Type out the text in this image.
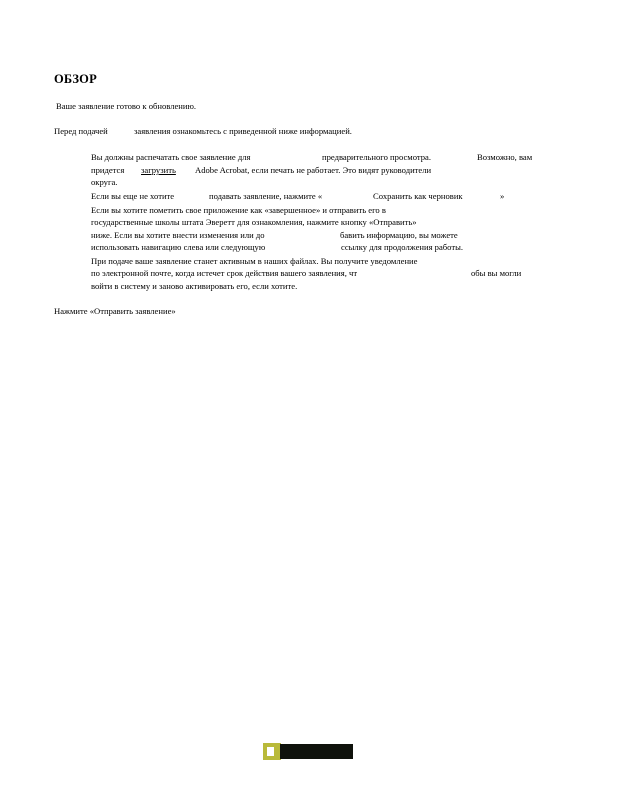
ОБЗОР
Ваше заявление готово к обновлению.
Перед подачей	заявления ознакомьтесь с приведенной ниже информацией.
Вы должны распечатать свое заявление для	предварительного просмотра.	Возможно, вам
придется загрузить Adobe Acrobat, если печать не работает. Это видят руководители
округа.
Если вы еще не хотите	подавать заявление, нажмите «	Сохранить как черновик	»
Если вы хотите пометить свое приложение как «завершенное» и отправить его в
государственные школы штата Эверетт для ознакомления, нажмите кнопку «Отправить»
ниже. Если вы хотите внести изменения или до	бавить информацию, вы можете
использовать навигацию слева или следующую	ссылку для продолжения работы.
При подаче ваше заявление станет активным в наших файлах. Вы получите уведомление
по электронной почте, когда истечет срок действия вашего заявления, чт	обы вы могли
войти в систему и заново активировать его, если хотите.
Нажмите «Отправить заявление»
